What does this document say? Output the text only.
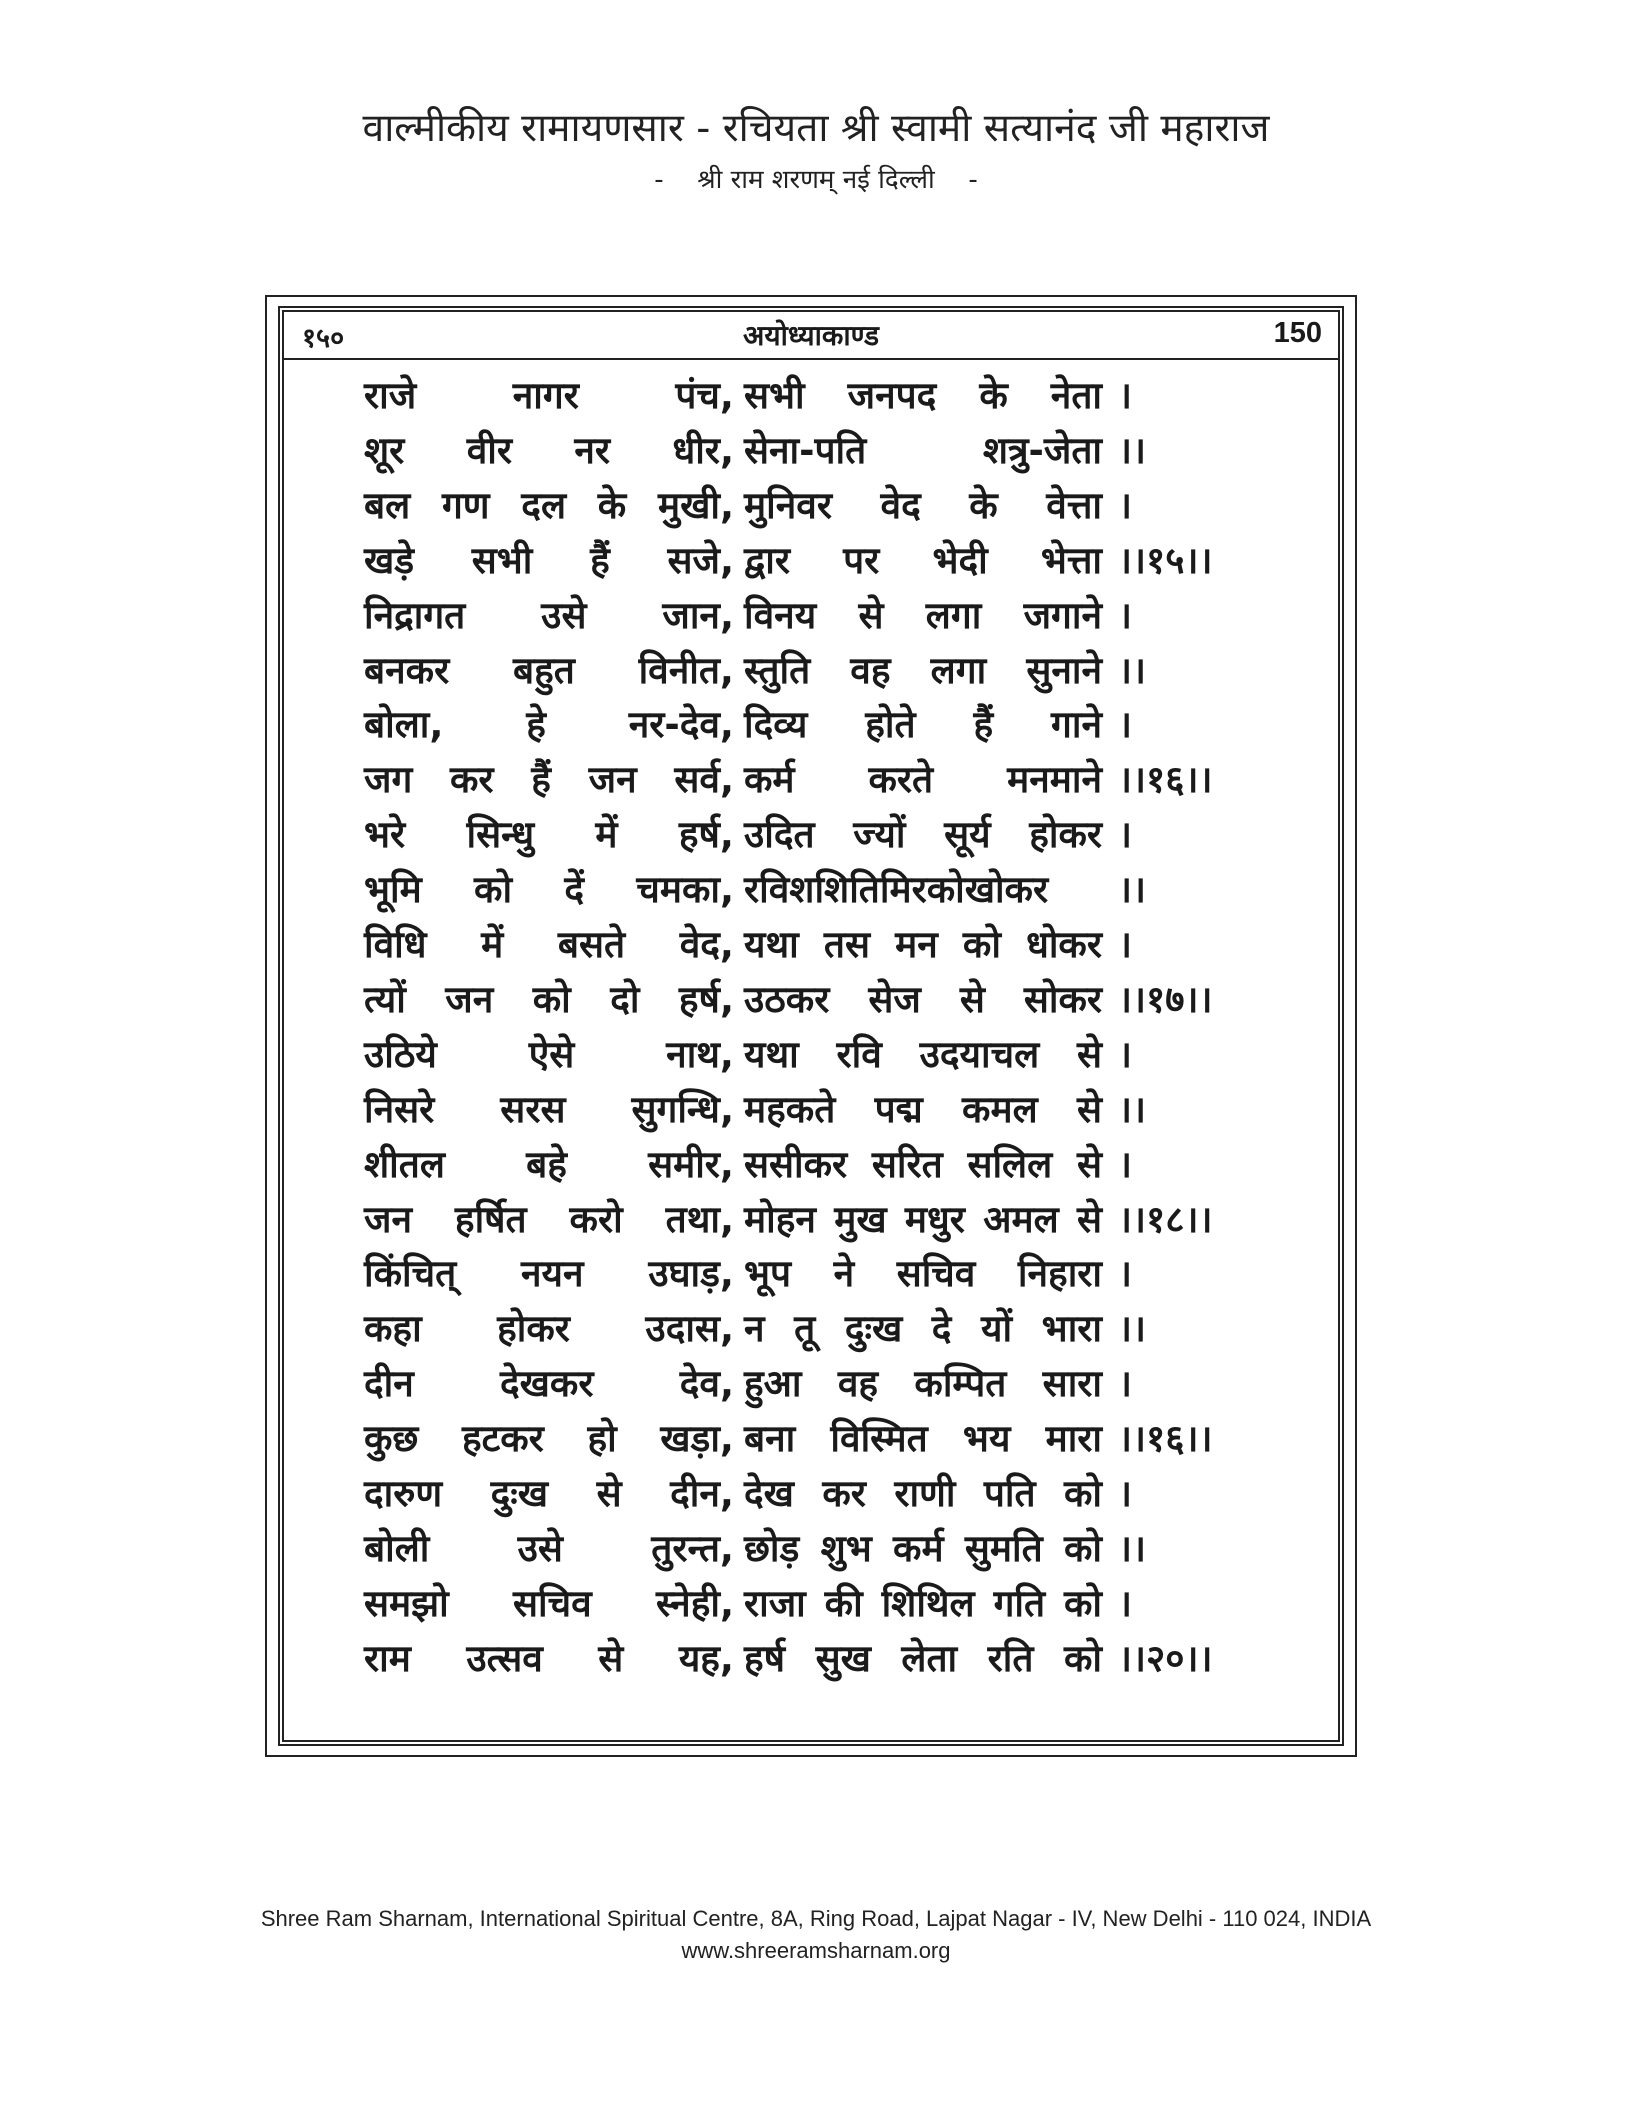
वाल्मीकीय रामायणसार - रचियता श्री स्वामी सत्यानंद जी महाराज
- श्री राम शरणम् नई दिल्ली -
१५०	अयोध्याकाण्ड	150
राजे नागर पंच, सभी जनपद के नेता ।
शूर वीर नर धीर, सेना-पति शत्रु-जेता ।।
बल गण दल के मुखी, मुनिवर वेद के वेत्ता ।
खड़े सभी हैं सजे, द्वार पर भेदी भेत्ता ।।१५।।
निद्रागत उसे जान, विनय से लगा जगाने ।
बनकर बहुत विनीत, स्तुति वह लगा सुनाने ।।
बोला, हे नर-देव, दिव्य होते हैं गाने ।
जग कर हैं जन सर्व, कर्म करते मनमाने ।।१६।।
भरे सिन्धु में हर्ष, उदित ज्यों सूर्य होकर ।
भूमि को दें चमका, रविशशितिमिरकोखोकर	।।
विधि में बसते वेद, यथा तस मन को धोकर ।
त्यों जन को दो हर्ष, उठकर सेज से सोकर ।।१७।।
उठिये ऐसे नाथ, यथा रवि उदयाचल से ।
निसरे सरस सुगन्धि, महकते पद्म कमल से ।।
शीतल बहे समीर, ससीकर सरित सलिल से ।
जन हर्षित करो तथा, मोहन मुख मधुर अमल से ।।१८।।
किंचित् नयन उघाड़, भूप ने सचिव निहारा ।
कहा होकर उदास, न तू दुःख दे यों भारा ।।
दीन देखकर देव, हुआ वह कम्पित सारा ।
कुछ हटकर हो खड़ा, बना विस्मित भय मारा ।।१६।।
दारुण दुःख से दीन, देख कर राणी पति को ।
बोली उसे तुरन्त, छोड़ शुभ कर्म सुमति को ।।
समझो सचिव स्नेही, राजा की शिथिल गति को ।
राम उत्सव से यह, हर्ष सुख लेता रति को ।।२०।।
Shree Ram Sharnam, International Spiritual Centre, 8A, Ring Road, Lajpat Nagar - IV, New Delhi - 110 024, INDIA
www.shreeramsharnam.org
